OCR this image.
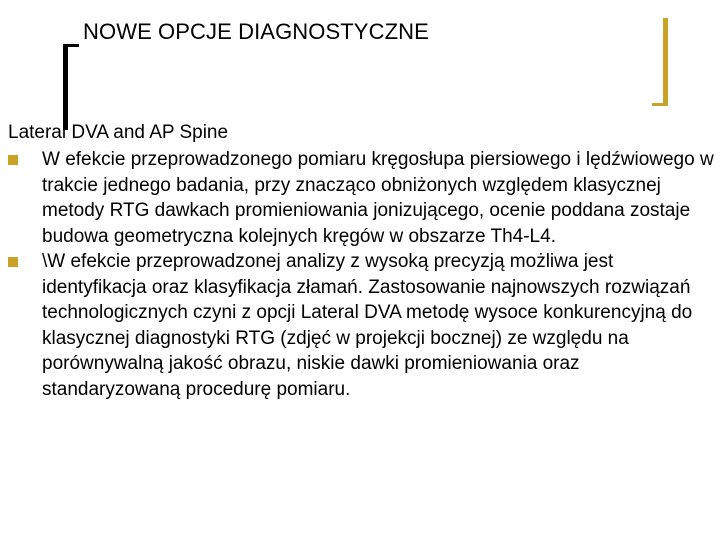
NOWE OPCJE DIAGNOSTYCZNE
Lateral DVA and AP Spine
W efekcie przeprowadzonego pomiaru kręgosłupa piersiowego i lędźwiowego w trakcie jednego badania, przy znacząco obniżonych względem klasycznej metody RTG dawkach promieniowania jonizującego, ocenie poddana zostaje budowa geometryczna kolejnych kręgów w obszarze Th4-L4.
\W efekcie przeprowadzonej analizy z wysoką precyzją możliwa jest identyfikacja oraz klasyfikacja złamań. Zastosowanie najnowszych rozwiązań technologicznych czyni z opcji Lateral DVA metodę wysoce konkurencyjną do klasycznej diagnostyki RTG (zdjęć w projekcji bocznej) ze względu na porównywalną jakość obrazu, niskie dawki promieniowania oraz standaryzowaną procedurę pomiaru.
